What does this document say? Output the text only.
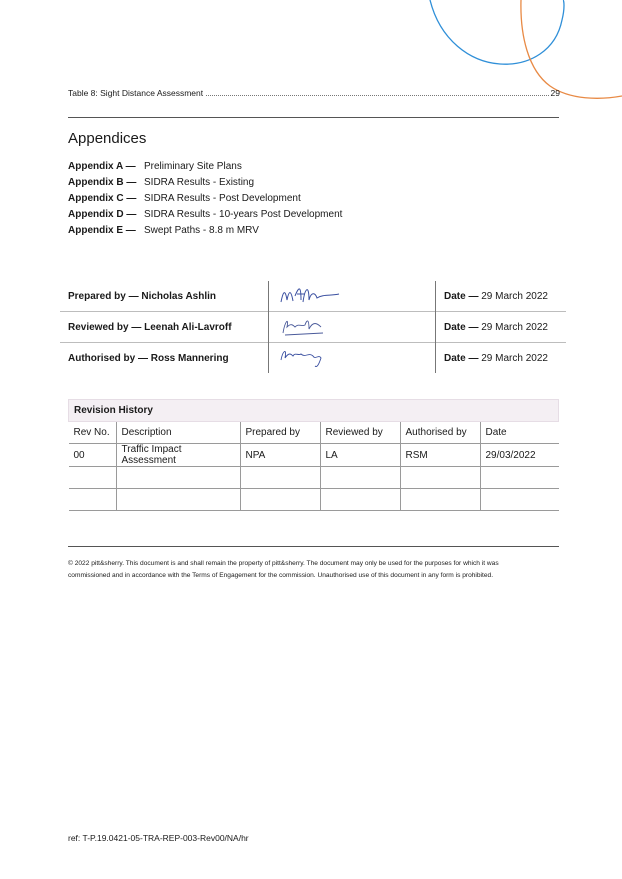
Table 8: Sight Distance Assessment	29
Appendices
Appendix A — Preliminary Site Plans
Appendix B — SIDRA Results - Existing
Appendix C — SIDRA Results - Post Development
Appendix D — SIDRA Results - 10-years Post Development
Appendix E — Swept Paths - 8.8 m MRV
Prepared by — Nicholas Ashlin		Date — 29 March 2022
Reviewed by — Leenah Ali-Lavroff		Date — 29 March 2022
Authorised by — Ross Mannering		Date — 29 March 2022
Revision History					
Rev No.	Description	Prepared by	Reviewed by	Authorised by	Date
00	Traffic Impact Assessment	NPA	LA	RSM	29/03/2022

© 2022 pitt&sherry. This document is and shall remain the property of pitt&sherry. The document may only be used for the purposes for which it was commissioned and in accordance with the Terms of Engagement for the commission. Unauthorised use of this document in any form is prohibited.

ref: T-P.19.0421-05-TRA-REP-003-Rev00/NA/hr
